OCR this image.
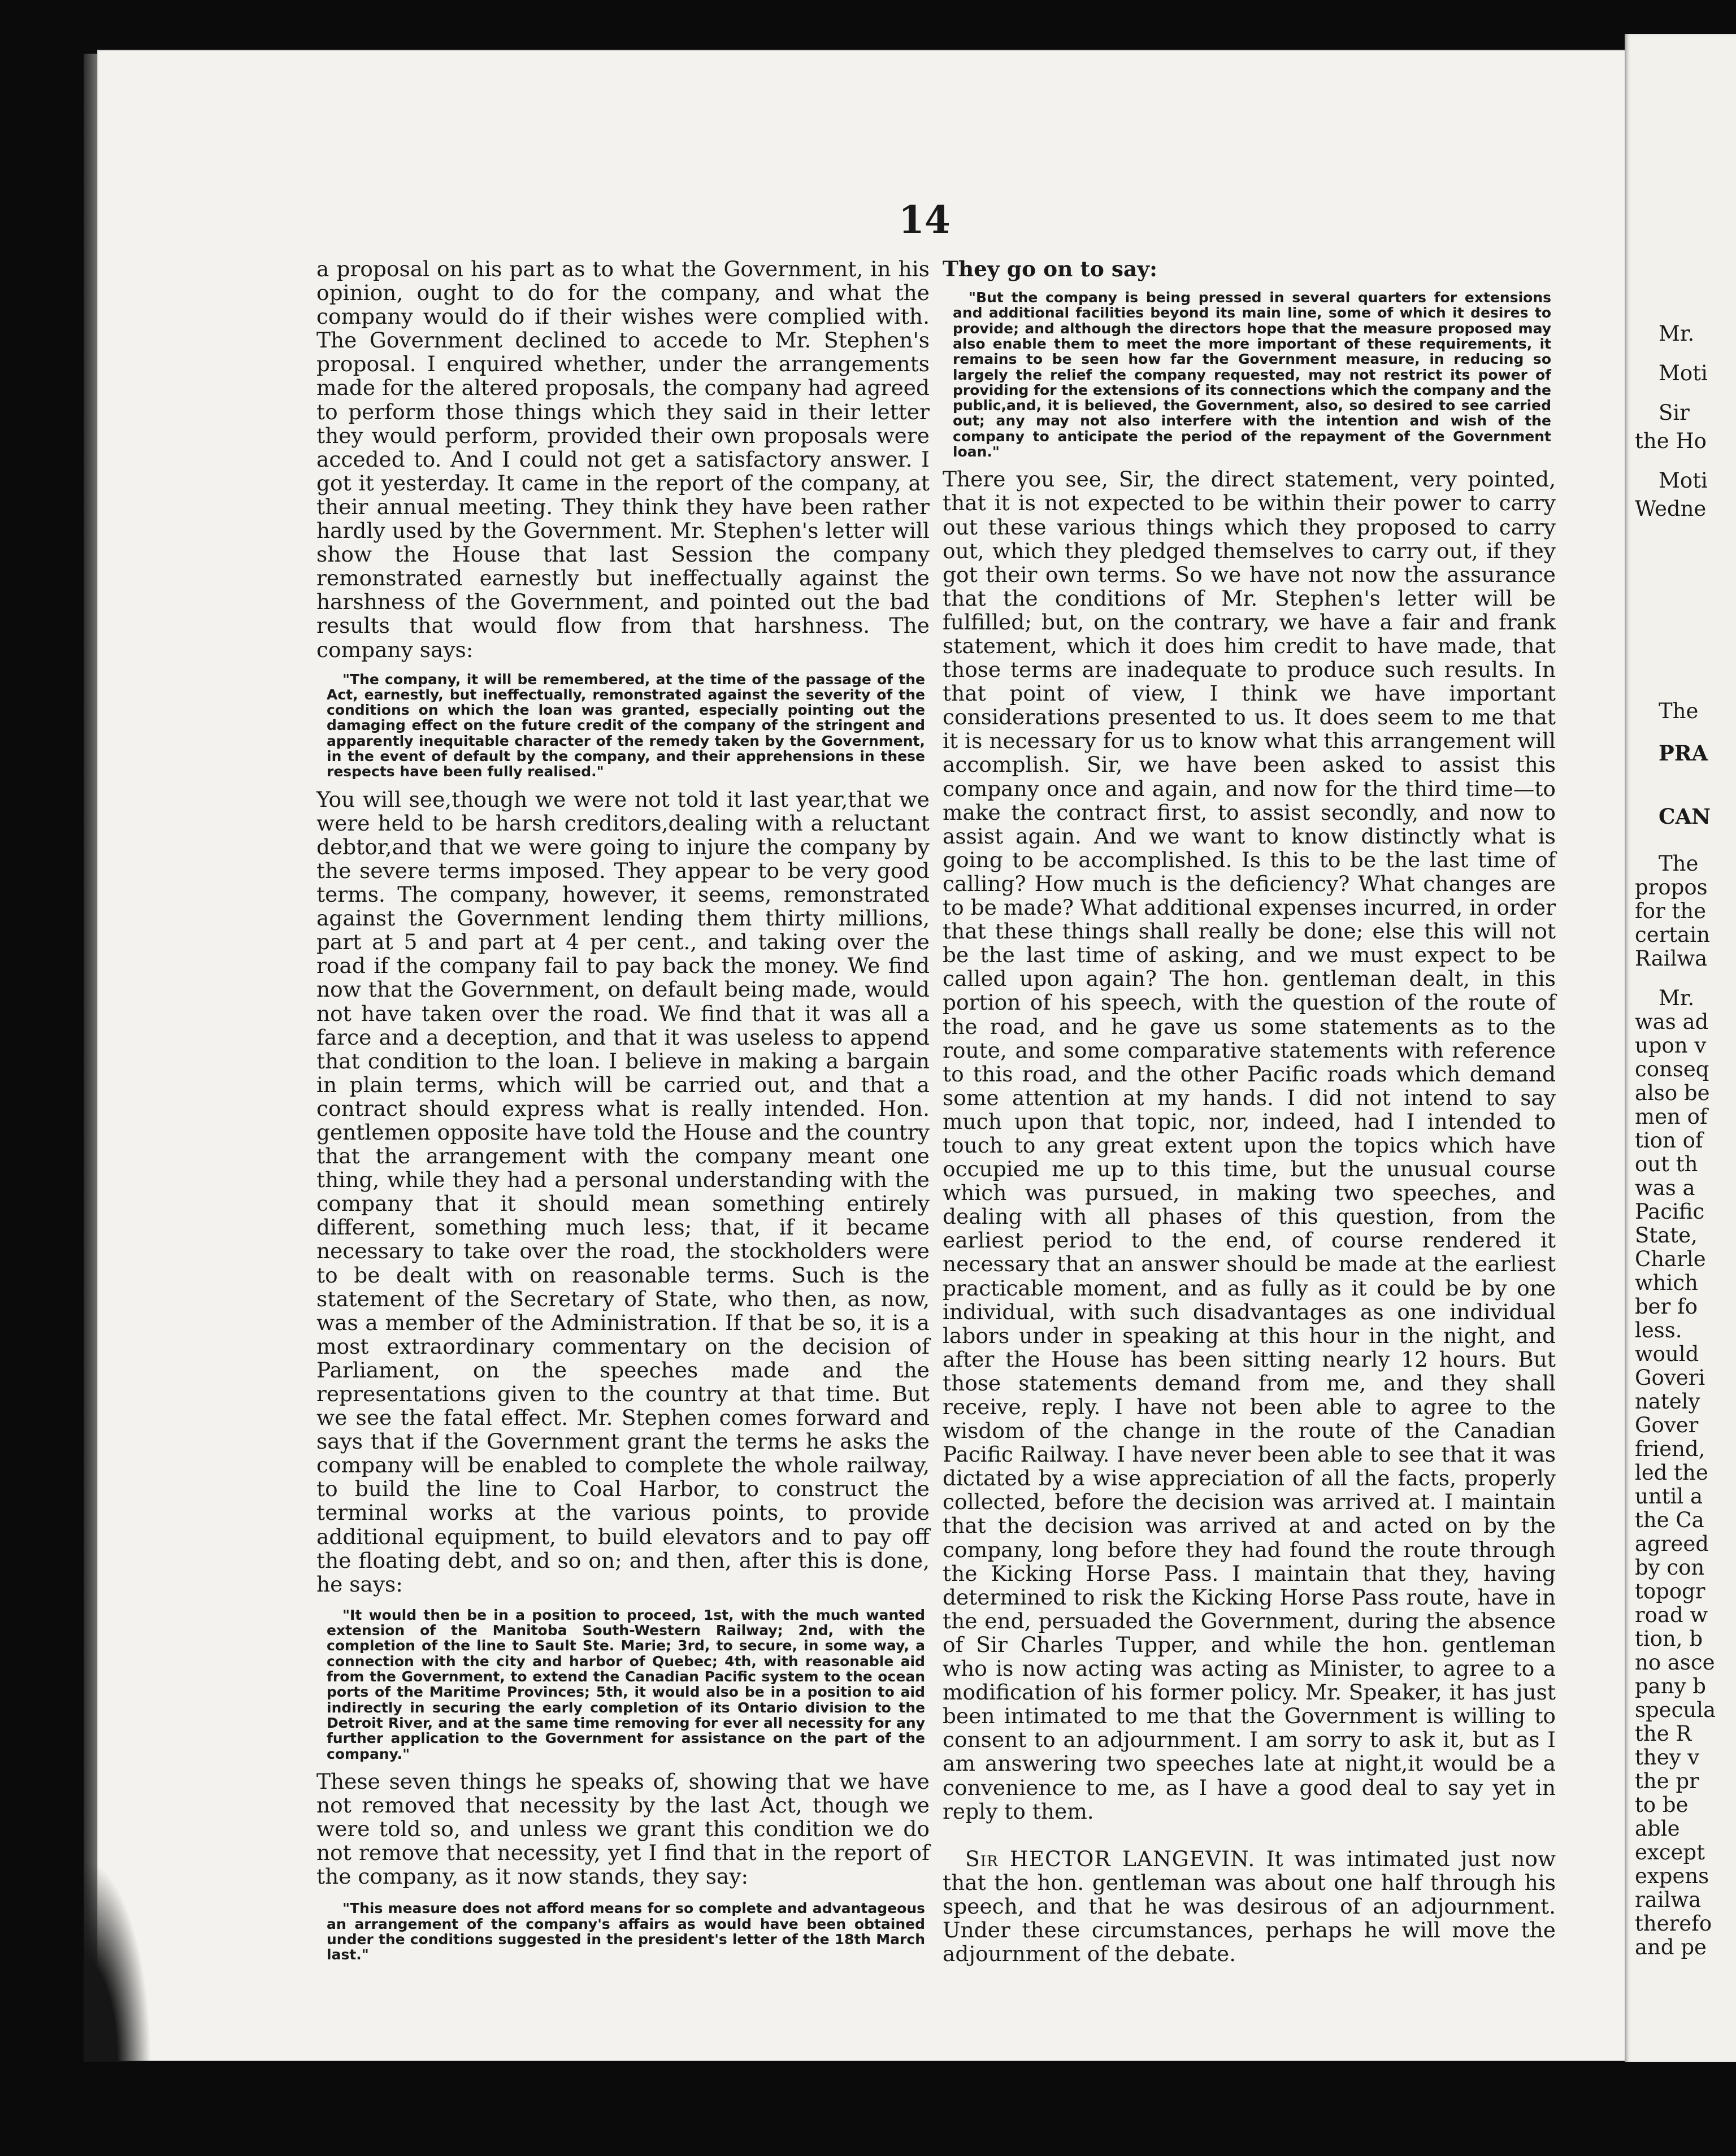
14

a proposal on his part as to what the Government, in his opinion, ought to do for the company, and what the company would do if their wishes were complied with. The Government declined to accede to Mr. Stephen's proposal. I enquired whether, under the arrangements made for the altered proposals, the company had agreed to perform those things which they said in their letter they would perform, provided their own proposals were acceded to. And I could not get a satisfactory answer. I got it yesterday. It came in the report of the company, at their annual meeting. They think they have been rather hardly used by the Government. Mr. Stephen's letter will show the House that last Session the company remonstrated earnestly but ineffectually against the harshness of the Government, and pointed out the bad results that would flow from that harshness. The company says:

"The company, it will be remembered, at the time of the passage of the Act, earnestly, but ineffectually, remonstrated against the severity of the conditions on which the loan was granted, especially pointing out the damaging effect on the future credit of the company of the stringent and apparently inequitable character of the remedy taken by the Government, in the event of default by the company, and their apprehensions in these respects have been fully realised."

You will see,though we were not told it last year,that we were held to be harsh creditors,dealing with a reluctant debtor,and that we were going to injure the company by the severe terms imposed. They appear to be very good terms. The company, however, it seems, remonstrated against the Government lending them thirty millions, part at 5 and part at 4 per cent., and taking over the road if the company fail to pay back the money. We find now that the Government, on default being made, would not have taken over the road. We find that it was all a farce and a deception, and that it was useless to append that condition to the loan. I believe in making a bargain in plain terms, which will be carried out, and that a contract should express what is really intended. Hon. gentlemen opposite have told the House and the country that the arrangement with the company meant one thing, while they had a personal understanding with the company that it should mean something entirely different, something much less; that, if it became necessary to take over the road, the stockholders were to be dealt with on reasonable terms. Such is the statement of the Secretary of State, who then, as now, was a member of the Administration. If that be so, it is a most extraordinary commentary on the decision of Parliament, on the speeches made and the representations given to the country at that time. But we see the fatal effect. Mr. Stephen comes forward and says that if the Government grant the terms he asks the company will be enabled to complete the whole railway, to build the line to Coal Harbor, to construct the terminal works at the various points, to provide additional equipment, to build elevators and to pay off the floating debt, and so on; and then, after this is done, he says:

"It would then be in a position to proceed, 1st, with the much wanted extension of the Manitoba South-Western Railway; 2nd, with the completion of the line to Sault Ste. Marie; 3rd, to secure, in some way, a connection with the city and harbor of Quebec; 4th, with reasonable aid from the Government, to extend the Canadian Pacific system to the ocean ports of the Maritime Provinces; 5th, it would also be in a position to aid indirectly in securing the early completion of its Ontario division to the Detroit River, and at the same time removing for ever all necessity for any further application to the Government for assistance on the part of the company."

These seven things he speaks of, showing that we have not removed that necessity by the last Act, though we were told so, and unless we grant this condition we do not remove that necessity, yet I find that in the report of the company, as it now stands, they say:

"This measure does not afford means for so complete and advantageous an arrangement of the company's affairs as would have been obtained under the conditions suggested in the president's letter of the 18th March last."

They go on to say:

"But the company is being pressed in several quarters for extensions and additional facilities beyond its main line, some of which it desires to provide; and although the directors hope that the measure proposed may also enable them to meet the more important of these requirements, it remains to be seen how far the Government measure, in reducing so largely the relief the company requested, may not restrict its power of providing for the extensions of its connections which the company and the public,and, it is believed, the Government, also, so desired to see carried out; any may not also interfere with the intention and wish of the company to anticipate the period of the repayment of the Government loan."

There you see, Sir, the direct statement, very pointed, that it is not expected to be within their power to carry out these various things which they proposed to carry out, which they pledged themselves to carry out, if they got their own terms. So we have not now the assurance that the conditions of Mr. Stephen's letter will be fulfilled; but, on the contrary, we have a fair and frank statement, which it does him credit to have made, that those terms are inadequate to produce such results. In that point of view, I think we have important considerations presented to us. It does seem to me that it is necessary for us to know what this arrangement will accomplish. Sir, we have been asked to assist this company once and again, and now for the third time—to make the contract first, to assist secondly, and now to assist again. And we want to know distinctly what is going to be accomplished. Is this to be the last time of calling? How much is the deficiency? What changes are to be made? What additional expenses incurred, in order that these things shall really be done; else this will not be the last time of asking, and we must expect to be called upon again? The hon. gentleman dealt, in this portion of his speech, with the question of the route of the road, and he gave us some statements as to the route, and some comparative statements with reference to this road, and the other Pacific roads which demand some attention at my hands. I did not intend to say much upon that topic, nor, indeed, had I intended to touch to any great extent upon the topics which have occupied me up to this time, but the unusual course which was pursued, in making two speeches, and dealing with all phases of this question, from the earliest period to the end, of course rendered it necessary that an answer should be made at the earliest practicable moment, and as fully as it could be by one individual, with such disadvantages as one individual labors under in speaking at this hour in the night, and after the House has been sitting nearly 12 hours. But those statements demand from me, and they shall receive, reply. I have not been able to agree to the wisdom of the change in the route of the Canadian Pacific Railway. I have never been able to see that it was dictated by a wise appreciation of all the facts, properly collected, before the decision was arrived at. I maintain that the decision was arrived at and acted on by the company, long before they had found the route through the Kicking Horse Pass. I maintain that they, having determined to risk the Kicking Horse Pass route, have in the end, persuaded the Government, during the absence of Sir Charles Tupper, and while the hon. gentleman who is now acting was acting as Minister, to agree to a modification of his former policy. Mr. Speaker, it has just been intimated to me that the Government is willing to consent to an adjournment. I am sorry to ask it, but as I am answering two speeches late at night,it would be a convenience to me, as I have a good deal to say yet in reply to them.

Sir HECTOR LANGEVIN. It was intimated just now that the hon. gentleman was about one half through his speech, and that he was desirous of an adjournment. Under these circumstances, perhaps he will move the adjournment of the debate.

Mr.
Moti
Sir
the Ho
Moti
Wedne
The
PRA
CAN
The
propos
for the
certain
Railwa
Mr.
was ad
upon v
conseq
also be
men of
tion of
out th
was a
Pacific
State,
Charle
which
ber fo
less.
would
Goveri
nately
Gover
friend,
led the
until a
the Ca
agreed
by con
topogr
road w
tion, b
no asce
pany b
specula
the R
they v
the pr
to be
able
except
expens
railwa
therefo
and pe
